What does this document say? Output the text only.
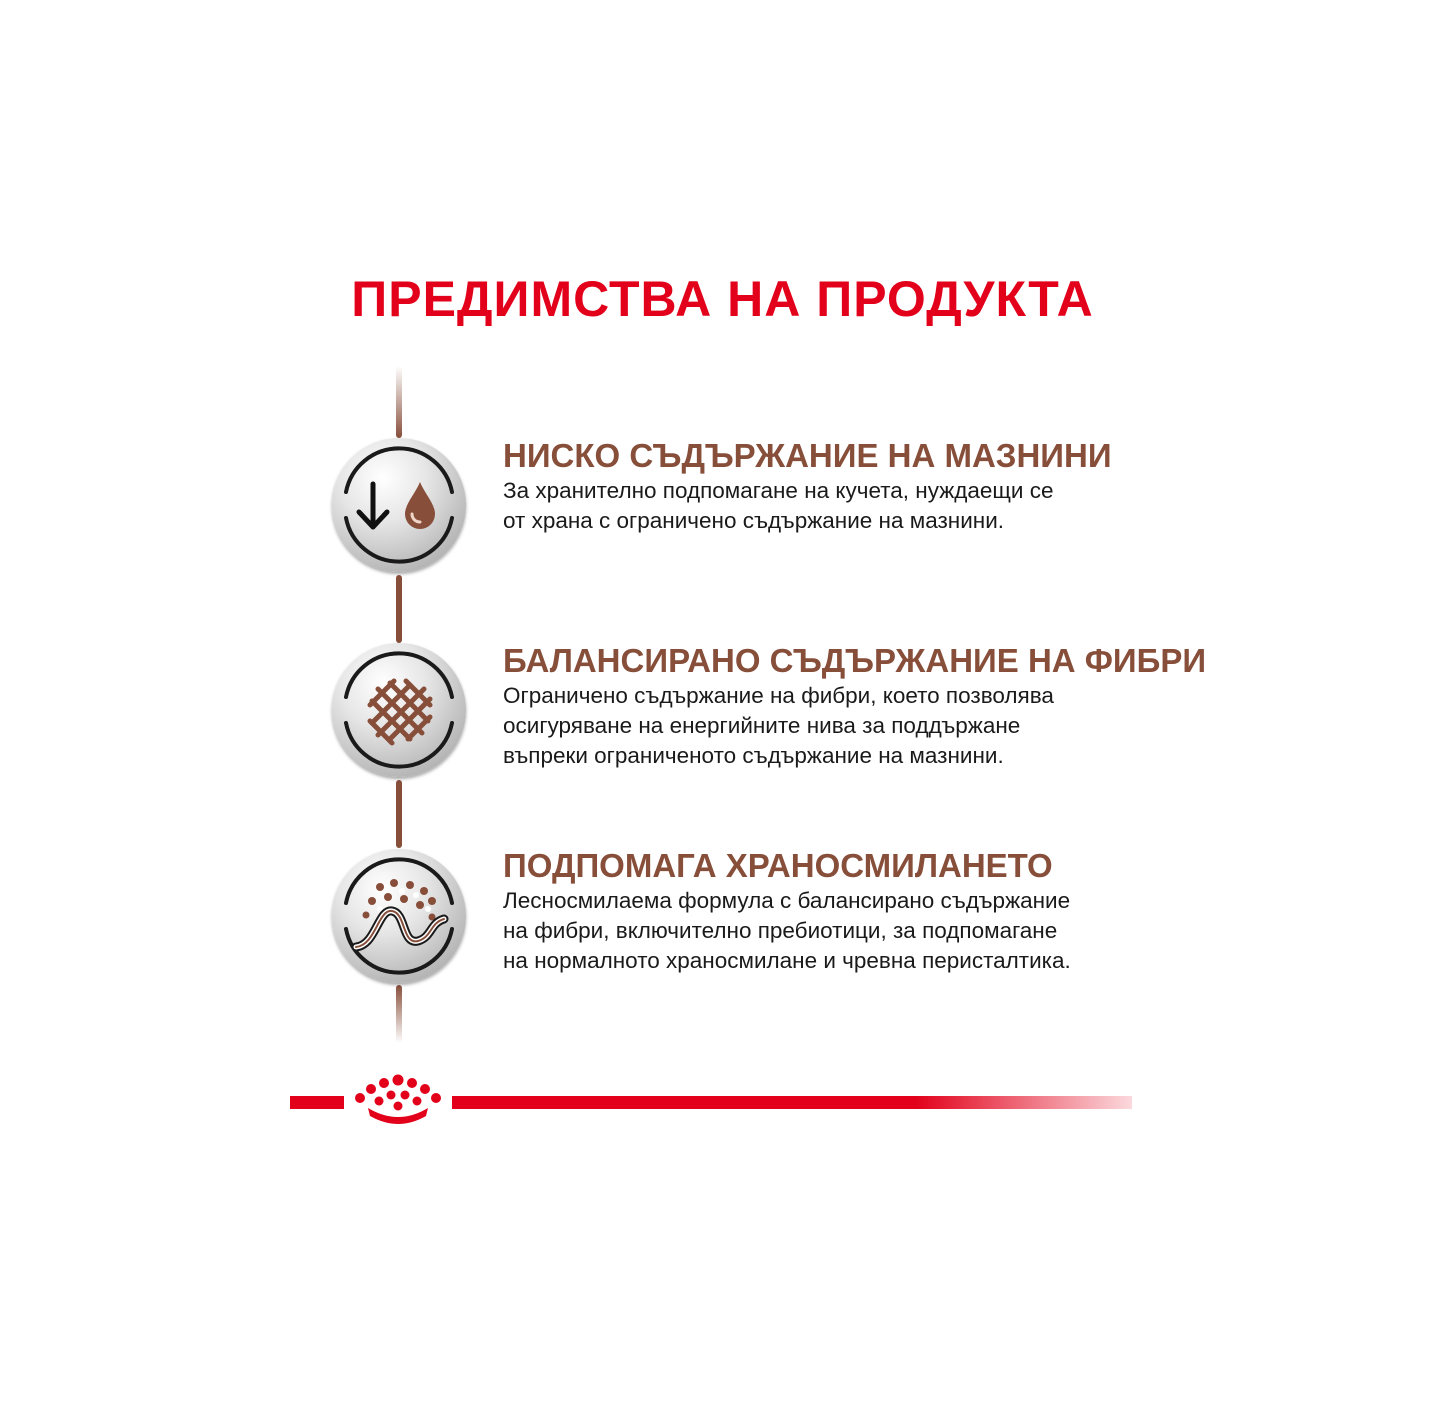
ПРЕДИМСТВА НА ПРОДУКТА
НИСКО СЪДЪРЖАНИЕ НА МАЗНИНИ

За хранително подпомагане на кучета, нуждаещи се

от храна с ограничено съдържание на мазнини.

БАЛАНСИРАНО СЪДЪРЖАНИЕ НА ФИБРИ

Ограничено съдържание на фибри, което позволява

осигуряване на енергийните нива за поддържане

въпреки ограниченото съдържание на мазнини.

ПОДПОМАГА ХРАНОСМИЛАНЕТО

Лесносмилаема формула с балансирано съдържание

на фибри, включително пребиотици, за подпомагане

на нормалното храносмилане и чревна перисталтика.
